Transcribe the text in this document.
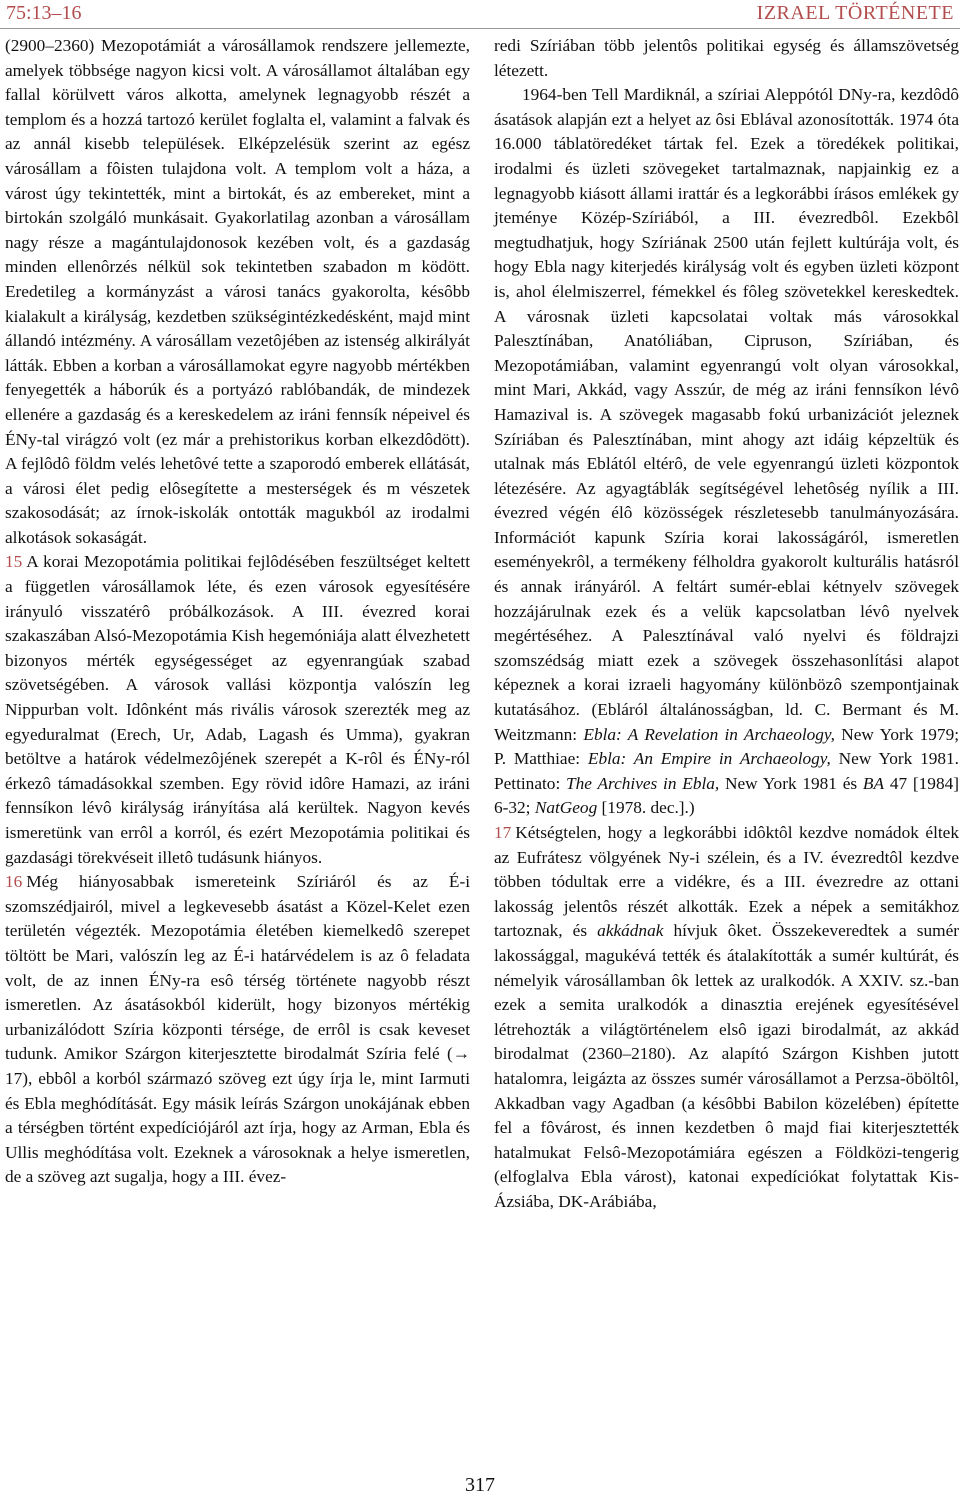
75:13–16	IZRAEL TÖRTÉNETE

(2900–2360) Mezopotámiát a városállamok rendszere jellemezte, amelyek többsége nagyon kicsi volt. A városállamot általában egy fallal körülvett város alkotta, amelynek legnagyobb részét a templom és a hozzá tartozó kerület foglalta el, valamint a falvak és az annál kisebb települések. Elképzelésük szerint az egész városállam a fôisten tulajdona volt. A templom volt a háza, a várost úgy tekintették, mint a birtokát, és az embereket, mint a birtokán szolgáló munkásait. Gyakorlatilag azonban a városállam nagy része a magántulajdonosok kezében volt, és a gazdaság minden ellenôrzés nélkül sok tekintetben szabadon m ködött. Eredetileg a kormányzást a városi tanács gyakorolta, késôbb kialakult a királyság, kezdetben szükségintézkedésként, majd mint állandó intézmény. A városállam vezetôjében az istenség alkirályát látták. Ebben a korban a városállamokat egyre nagyobb mértékben fenyegették a háborúk és a portyázó rablóbandák, de mindezek ellenére a gazdaság és a kereskedelem az iráni fennsík népeivel és ÉNy-tal virágzó volt (ez már a prehistorikus korban elkezdôdött). A fejlôdô földm velés lehetôvé tette a szaporodó emberek ellátását, a városi élet pedig elôsegítette a mesterségek és m vészetek szakosodását; az írnok-iskolák ontották magukból az irodalmi alkotások sokaságát.

15 A korai Mezopotámia politikai fejlôdésében feszültséget keltett a független városállamok léte, és ezen városok egyesítésére irányuló visszatérô próbálkozások. A III. évezred korai szakaszában Alsó-Mezopotámia Kish hegemóniája alatt élvezhetett bizonyos mérték egységességet az egyenrangúak szabad szövetségében. A városok vallási központja valószín leg Nippurban volt. Idônként más rivális városok szerezték meg az egyeduralmat (Erech, Ur, Adab, Lagash és Umma), gyakran betöltve a határok védelmezôjének szerepét a K-rôl és ÉNy-ról érkezô támadásokkal szemben. Egy rövid idôre Hamazi, az iráni fennsíkon lévô királyság irányítása alá kerültek. Nagyon kevés ismeretünk van errôl a korról, és ezért Mezopotámia politikai és gazdasági törekvéseit illetô tudásunk hiányos.

16 Még hiányosabbak ismereteink Szíriáról és az É-i szomszédjairól, mivel a legkevesebb ásatást a Közel-Kelet ezen területén végezték. Mezopotámia életében kiemelkedô szerepet töltött be Mari, valószín leg az É-i határvédelem is az ô feladata volt, de az innen ÉNy-ra esô térség története nagyobb részt ismeretlen. Az ásatásokból kiderült, hogy bizonyos mértékig urbanizálódott Szíria központi térsége, de errôl is csak keveset tudunk. Amikor Szárgon kiterjesztette birodalmát Szíria felé (→ 17), ebbôl a korból származó szöveg ezt úgy írja le, mint Iarmuti és Ebla meghódítását. Egy másik leírás Szárgon unokájának ebben a térségben történt expedíciójáról azt írja, hogy az Arman, Ebla és Ullis meghódítása volt. Ezeknek a városoknak a helye ismeretlen, de a szöveg azt sugalja, hogy a III. évez-

redi Szíriában több jelentôs politikai egység és államszövetség létezett.

1964-ben Tell Mardiknál, a szíriai Aleppótól DNy-ra, kezdôdô ásatások alapján ezt a helyet az ôsi Eblával azonosították. 1974 óta 16.000 táblatöredéket tártak fel. Ezek a töredékek politikai, irodalmi és üzleti szövegeket tartalmaznak, napjainkig ez a legnagyobb kiásott állami irattár és a legkorábbi írásos emlékek gy jteménye Közép-Szíriából, a III. évezredbôl. Ezekbôl megtudhatjuk, hogy Szíriának 2500 után fejlett kultúrája volt, és hogy Ebla nagy kiterjedés királyság volt és egyben üzleti központ is, ahol élelmiszerrel, fémekkel és fôleg szövetekkel kereskedtek. A városnak üzleti kapcsolatai voltak más városokkal Palesztínában, Anatóliában, Cipruson, Szíriában, és Mezopotámiában, valamint egyenrangú volt olyan városokkal, mint Mari, Akkád, vagy Asszúr, de még az iráni fennsíkon lévô Hamazival is. A szövegek magasabb fokú urbanizációt jeleznek Szíriában és Palesztínában, mint ahogy azt idáig képzeltük és utalnak más Eblától eltérô, de vele egyenrangú üzleti központok létezésére. Az agyagtáblák segítségével lehetôség nyílik a III. évezred végén élô közösségek részletesebb tanulmányozására. Információt kapunk Szíria korai lakosságáról, ismeretlen eseményekrôl, a termékeny félholdra gyakorolt kulturális hatásról és annak irányáról. A feltárt sumér-eblai kétnyelv szövegek hozzájárulnak ezek és a velük kapcsolatban lévô nyelvek megértéséhez. A Palesztínával való nyelvi és földrajzi szomszédság miatt ezek a szövegek összehasonlítási alapot képeznek a korai izraeli hagyomány különbözô szempontjainak kutatásához. (Ebláról általánosságban, ld. C. Bermant és M. Weitzmann: Ebla: A Revelation in Archaeology, New York 1979; P. Matthiae: Ebla: An Empire in Archaeology, New York 1981. Pettinato: The Archives in Ebla, New York 1981 és BA 47 [1984] 6-32; NatGeog [1978. dec.].)

17 Kétségtelen, hogy a legkorábbi idôktôl kezdve nomádok éltek az Eufrátesz völgyének Ny-i szélein, és a IV. évezredtôl kezdve többen tódultak erre a vidékre, és a III. évezredre az ottani lakosság jelentôs részét alkották. Ezek a népek a semitákhoz tartoznak, és akkádnak hívjuk ôket. Összekeveredtek a sumér lakossággal, magukévá tették és átalakították a sumér kultúrát, és némelyik városállamban ôk lettek az uralkodók. A XXIV. sz.-ban ezek a semita uralkodók a dinasztia erejének egyesítésével létrehozták a világtörténelem elsô igazi birodalmát, az akkád birodalmat (2360–2180). Az alapító Szárgon Kishben jutott hatalomra, leigázta az összes sumér városállamot a Perzsa-öböltôl, Akkadban vagy Agadban (a késôbbi Babilon közelében) építette fel a fôvárost, és innen kezdetben ô majd fiai kiterjesztették hatalmukat Felsô-Mezopotámiára egészen a Földközi-tengerig (elfoglalva Ebla várost), katonai expedíciókat folytattak Kis-Ázsiába, DK-Arábiába,

317
